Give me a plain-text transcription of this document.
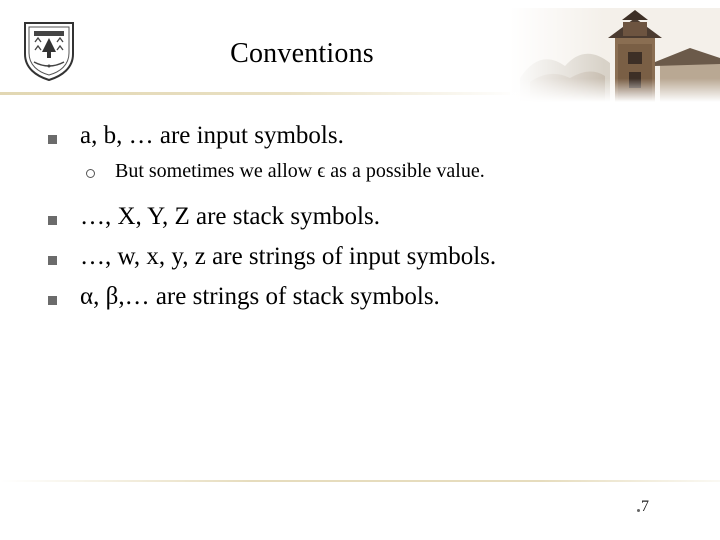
Conventions
a, b, … are input symbols.
But sometimes we allow ϵ as a possible value.
…, X, Y, Z are stack symbols.
…, w, x, y, z are strings of input symbols.
α, β,… are strings of stack symbols.
7
